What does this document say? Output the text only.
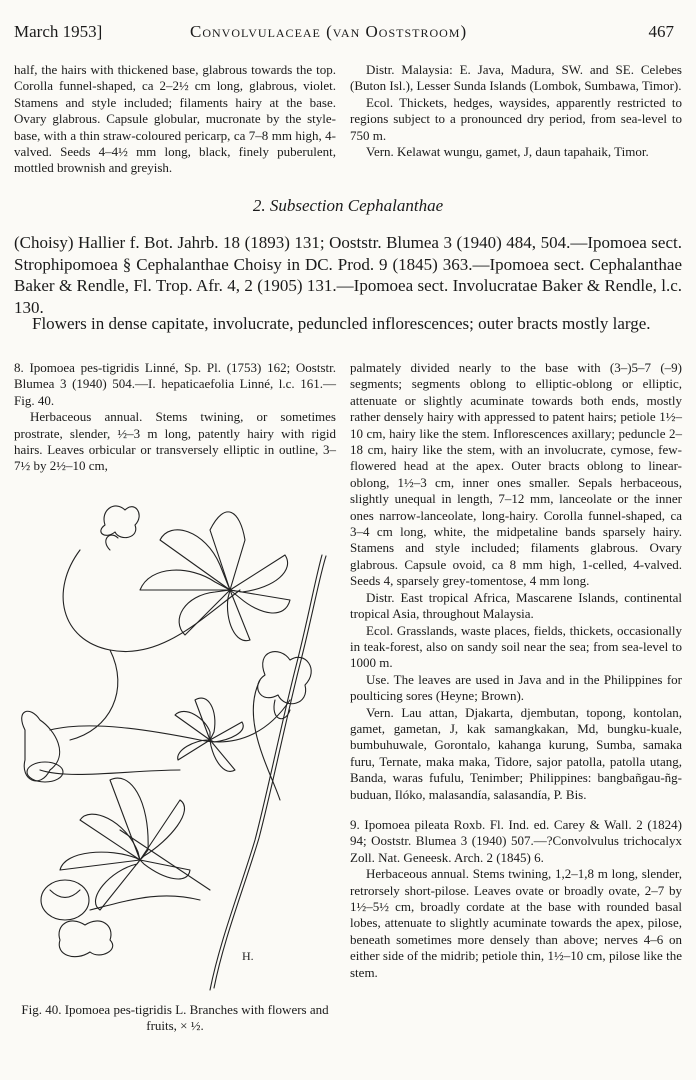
March 1953]	Convolvulaceae (van Ooststroom)	467

half, the hairs with thickened base, glabrous towards the top. Corolla funnel-shaped, ca 2–2½ cm long, glabrous, violet. Stamens and style included; filaments hairy at the base. Ovary glabrous. Capsule globular, mucronate by the style-base, with a thin straw-coloured pericarp, ca 7–8 mm high, 4-valved. Seeds 4–4½ mm long, black, finely puberulent, mottled brownish and greyish.

Distr. Malaysia: E. Java, Madura, SW. and SE. Celebes (Buton Isl.), Lesser Sunda Islands (Lombok, Sumbawa, Timor).

Ecol. Thickets, hedges, waysides, apparently restricted to regions subject to a pronounced dry period, from sea-level to 750 m.

Vern. Kelawat wungu, gamet, J, daun tapahaik, Timor.

2. Subsection Cephalanthae
(Choisy) Hallier f. Bot. Jahrb. 18 (1893) 131; Ooststr. Blumea 3 (1940) 484, 504.—Ipomoea sect. Strophipomoea § Cephalanthae Choisy in DC. Prod. 9 (1845) 363.—Ipomoea sect. Cephalanthae Baker & Rendle, Fl. Trop. Afr. 4, 2 (1905) 131.—Ipomoea sect. Involucratae Baker & Rendle, l.c. 130.
Flowers in dense capitate, involucrate, peduncled inflorescences; outer bracts mostly large.

8. Ipomoea pes-tigridis Linné, Sp. Pl. (1753) 162; Ooststr. Blumea 3 (1940) 504.—I. hepaticaefolia Linné, l.c. 161.—Fig. 40.

Herbaceous annual. Stems twining, or sometimes prostrate, slender, ½–3 m long, patently hairy with rigid hairs. Leaves orbicular or transversely elliptic in outline, 3–7½ by 2½–10 cm,

palmately divided nearly to the base with (3–)5–7 (–9) segments; segments oblong to elliptic-oblong or elliptic, attenuate or slightly acuminate towards both ends, mostly rather densely hairy with appressed to patent hairs; petiole 1½–10 cm, hairy like the stem. Inflorescences axillary; peduncle 2–18 cm, hairy like the stem, with an involucrate, cymose, few-flowered head at the apex. Outer bracts oblong to linear-oblong, 1½–3 cm, inner ones smaller. Sepals herbaceous, slightly unequal in length, 7–12 mm, lanceolate or the inner ones narrow-lanceolate, long-hairy. Corolla funnel-shaped, ca 3–4 cm long, white, the midpetaline bands sparsely hairy. Stamens and style included; filaments glabrous. Ovary glabrous. Capsule ovoid, ca 8 mm high, 1-celled, 4-valved. Seeds 4, sparsely grey-tomentose, 4 mm long.

Distr. East tropical Africa, Mascarene Islands, continental tropical Asia, throughout Malaysia.

Ecol. Grasslands, waste places, fields, thickets, occasionally in teak-forest, also on sandy soil near the sea; from sea-level to 1000 m.

Use. The leaves are used in Java and in the Philippines for poulticing sores (Heyne; Brown).

Vern. Lau attan, Djakarta, djembutan, topong, kontolan, gamet, gametan, J, kak samangkakan, Md, bungku-kuale, bumbuhuwale, Gorontalo, kahanga kurung, Sumba, samaka furu, Ternate, maka maka, Tidore, sajor patolla, patolla utang, Banda, waras fufulu, Tenimber; Philippines: bangbañgau-ñg-buduan, Ilóko, malasandía, salasandía, P. Bis.

9. Ipomoea pileata Roxb. Fl. Ind. ed. Carey & Wall. 2 (1824) 94; Ooststr. Blumea 3 (1940) 507.—?Convolvulus trichocalyx Zoll. Nat. Geneesk. Arch. 2 (1845) 6.

Herbaceous annual. Stems twining, 1,2–1,8 m long, slender, retrorsely short-pilose. Leaves ovate or broadly ovate, 2–7 by 1½–5½ cm, broadly cordate at the base with rounded basal lobes, attenuate to slightly acuminate towards the apex, pilose, beneath sometimes more densely than above; nerves 4–6 on either side of the midrib; petiole thin, 1½–10 cm, pilose like the stem.

H.
Fig. 40. Ipomoea pes-tigridis L. Branches with flowers and fruits, × ½.
